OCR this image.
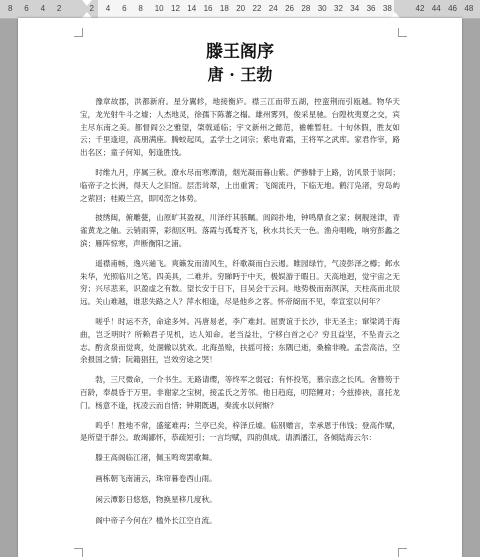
8 6 4 2	2 4 6 8 10 12 14 16 18 20 22 24 26 28 30 32 34 36 38	42 44 46 48
滕王阁序
唐 · 王勃

豫章故郡，洪都新府。星分翼轸，地接衡庐。襟三江而带五湖，控蛮荆而引瓯越。物华天宝，龙光射牛斗之墟；人杰地灵，徐孺下陈蕃之榻。雄州雾列，俊采星驰。台隍枕夷夏之交，宾主尽东南之美。都督阎公之雅望，棨戟遥临；宇文新州之懿范，襜帷暂驻。十旬休假，胜友如云；千里逢迎，高朋满座。腾蛟起凤，孟学士之词宗；紫电青霜，王将军之武库。家君作宰，路出名区；童子何知，躬逢胜饯。

时维九月，序属三秋。潦水尽而寒潭清，烟光凝而暮山紫。俨骖騑于上路，访风景于崇阿；临帝子之长洲，得天人之旧馆。层峦耸翠，上出重霄；飞阁流丹，下临无地。鹤汀凫渚，穷岛屿之萦回；桂殿兰宫，即冈峦之体势。

披绣闼，俯雕甍，山原旷其盈视，川泽纡其骇瞩。闾阎扑地，钟鸣鼎食之家；舸舰迷津，青雀黄龙之舳。云销雨霁，彩彻区明。落霞与孤鹜齐飞，秋水共长天一色。渔舟唱晚，响穷彭蠡之滨；雁阵惊寒，声断衡阳之浦。

遥襟甫畅，逸兴遄飞。爽籁发而清风生，纤歌凝而白云遏。睢园绿竹，气凌彭泽之樽；邺水朱华，光照临川之笔。四美具，二难并。穷睇眄于中天，极娱游于暇日。天高地迥，觉宇宙之无穷；兴尽悲来，识盈虚之有数。望长安于日下，目吴会于云间。地势极而南溟深，天柱高而北辰远。关山难越，谁悲失路之人？萍水相逢，尽是他乡之客。怀帝阍而不见，奉宣室以何年？

嗟乎！时运不齐，命途多舛。冯唐易老，李广难封。屈贾谊于长沙，非无圣主；窜梁鸿于海曲，岂乏明时？所赖君子见机，达人知命。老当益壮，宁移白首之心？穷且益坚，不坠青云之志。酌贪泉而觉爽，处涸辙以犹欢。北海虽赊，扶摇可接；东隅已逝，桑榆非晚。孟尝高洁，空余报国之情；阮籍猖狂，岂效穷途之哭！

勃，三尺微命，一介书生。无路请缨，等终军之弱冠；有怀投笔，慕宗悫之长风。舍簪笏于百龄，奉晨昏于万里。非谢家之宝树，接孟氏之芳邻。他日趋庭，叨陪鲤对；今兹捧袂，喜托龙门。杨意不逢，抚凌云而自惜；钟期既遇，奏流水以何惭？

呜乎！胜地不常，盛筵难再；兰亭已矣，梓泽丘墟。临别赠言，幸承恩于伟饯；登高作赋，是所望于群公。敢竭鄙怀，恭疏短引；一言均赋，四韵俱成。请洒潘江，各倾陆海云尔：

滕王高阁临江渚，佩玉鸣鸾罢歌舞。

画栋朝飞南浦云，珠帘暮卷西山雨。

闲云潭影日悠悠，物换星移几度秋。

阁中帝子今何在？槛外长江空自流。
